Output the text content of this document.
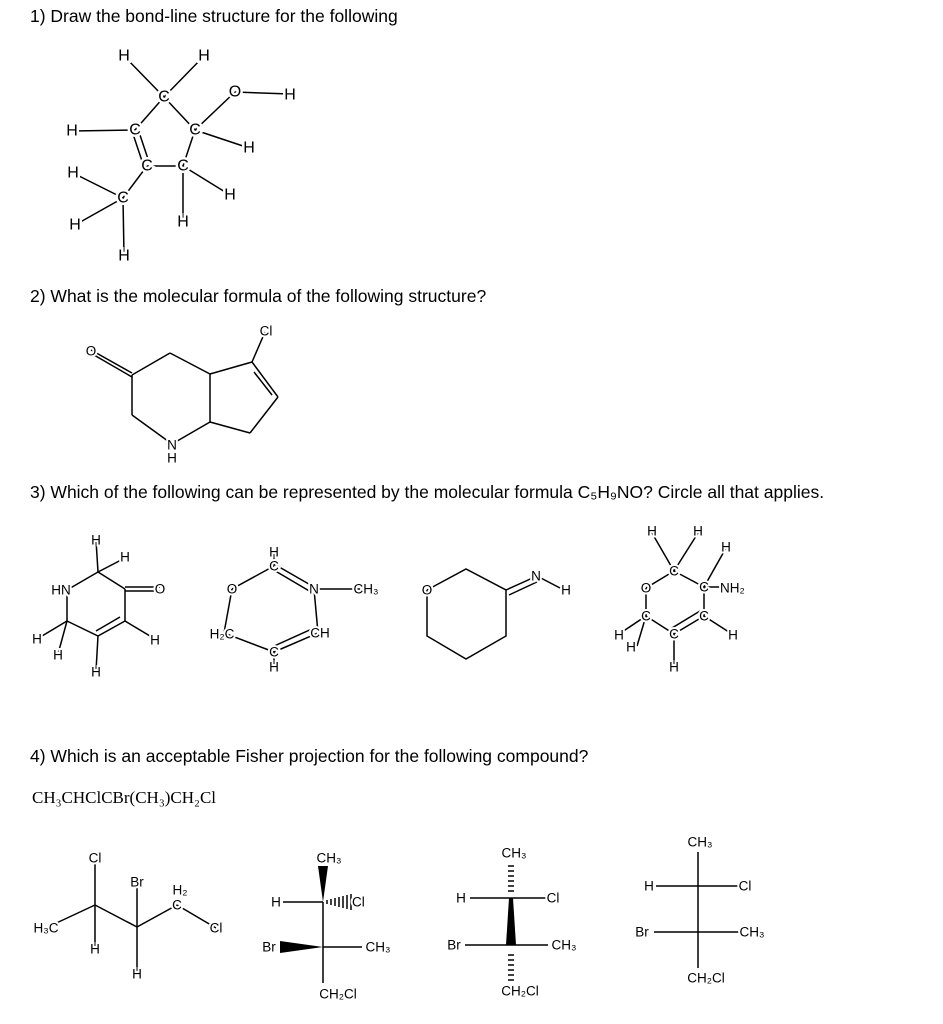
1) Draw the bond-line structure for the following
2) What is the molecular formula of the following structure?
3) Which of the following can be represented by the molecular formula C₅H₉NO? Circle all that applies.
4) Which is an acceptable Fisher projection for the following compound?
CH₃CHClCBr(CH₃)CH₂Cl
H	H
C	O	H
C	C
H
H
C C
H
C
H
H
H
H
O
Cl
N
H
HN	O
H
H
H
H
H
H
H
C
O	N	CH₃
H₂C	CH
C
H
O
N
H
H	H
H
C
O	C NH₂
C	C
C
H
H
H
H
Cl
Br
H₂
C
Cl
H₃C
H
H
CH₃
H	Cl
Br	CH₃
CH₂Cl
CH₃
H	Cl
Br	CH₃
CH₂Cl
CH₃
H	Cl
Br	CH₃
CH₂Cl
